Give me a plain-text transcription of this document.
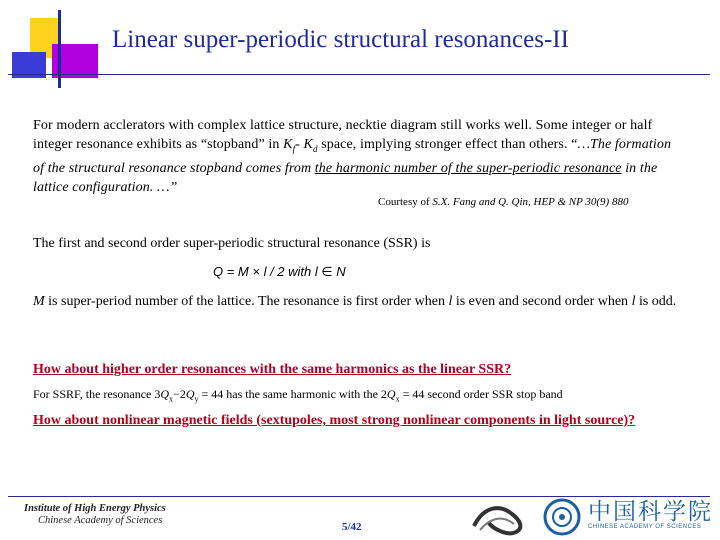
Linear super-periodic structural resonances-II
For modern acclerators with complex lattice structure, necktie diagram still works well. Some integer or half integer resonance exhibits as “stopband” in $K_f-$ $K_d$ space, implying stronger effect than others. “…The formation of the structural resonance stopband comes from the harmonic number of the super-periodic resonance in the lattice configuration. …”
Courtesy of S.X. Fang and Q. Qin, HEP & NP 30(9) 880
The first and second order super-periodic structural resonance (SSR) is
Q = M × l / 2 with l ∈ N
M is super-period number of the lattice. The resonance is first order when l is even and second order when l is odd.
How about higher order resonances with the same harmonics as the linear SSR?
For SSRF, the resonance $3Q_x-2Q_y = 44$ has the same harmonic with the $2Q_x = 44$ second order SSR stop band
How about nonlinear magnetic fields (sextupoles, most strong nonlinear components in light source)?
Institute of High Energy Physics
Chinese Academy of Sciences
5/42
中国科学院
CHINESE ACADEMY OF SCIENCES
